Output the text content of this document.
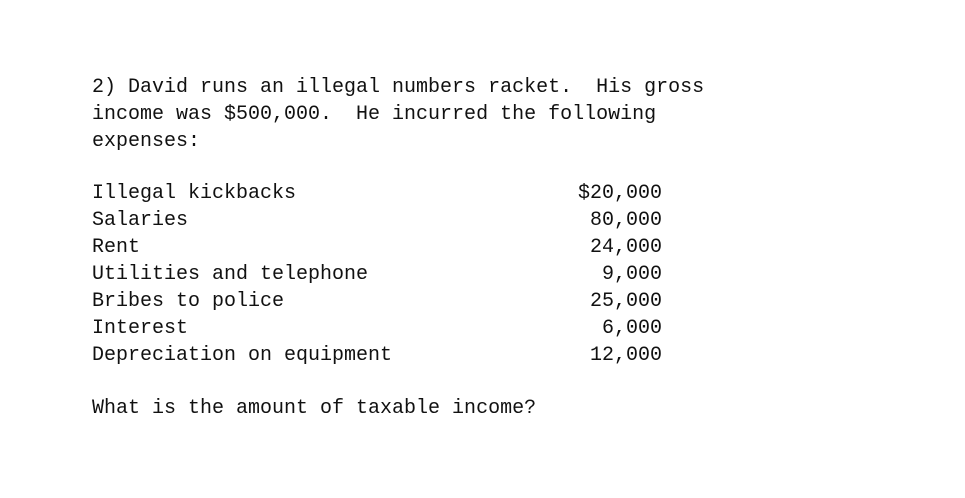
2) David runs an illegal numbers racket.  His gross
income was $500,000.  He incurred the following
expenses:
Illegal kickbacks	$20,000
Salaries	80,000
Rent	24,000
Utilities and telephone	9,000
Bribes to police	25,000
Interest	6,000
Depreciation on equipment	12,000
What is the amount of taxable income?
